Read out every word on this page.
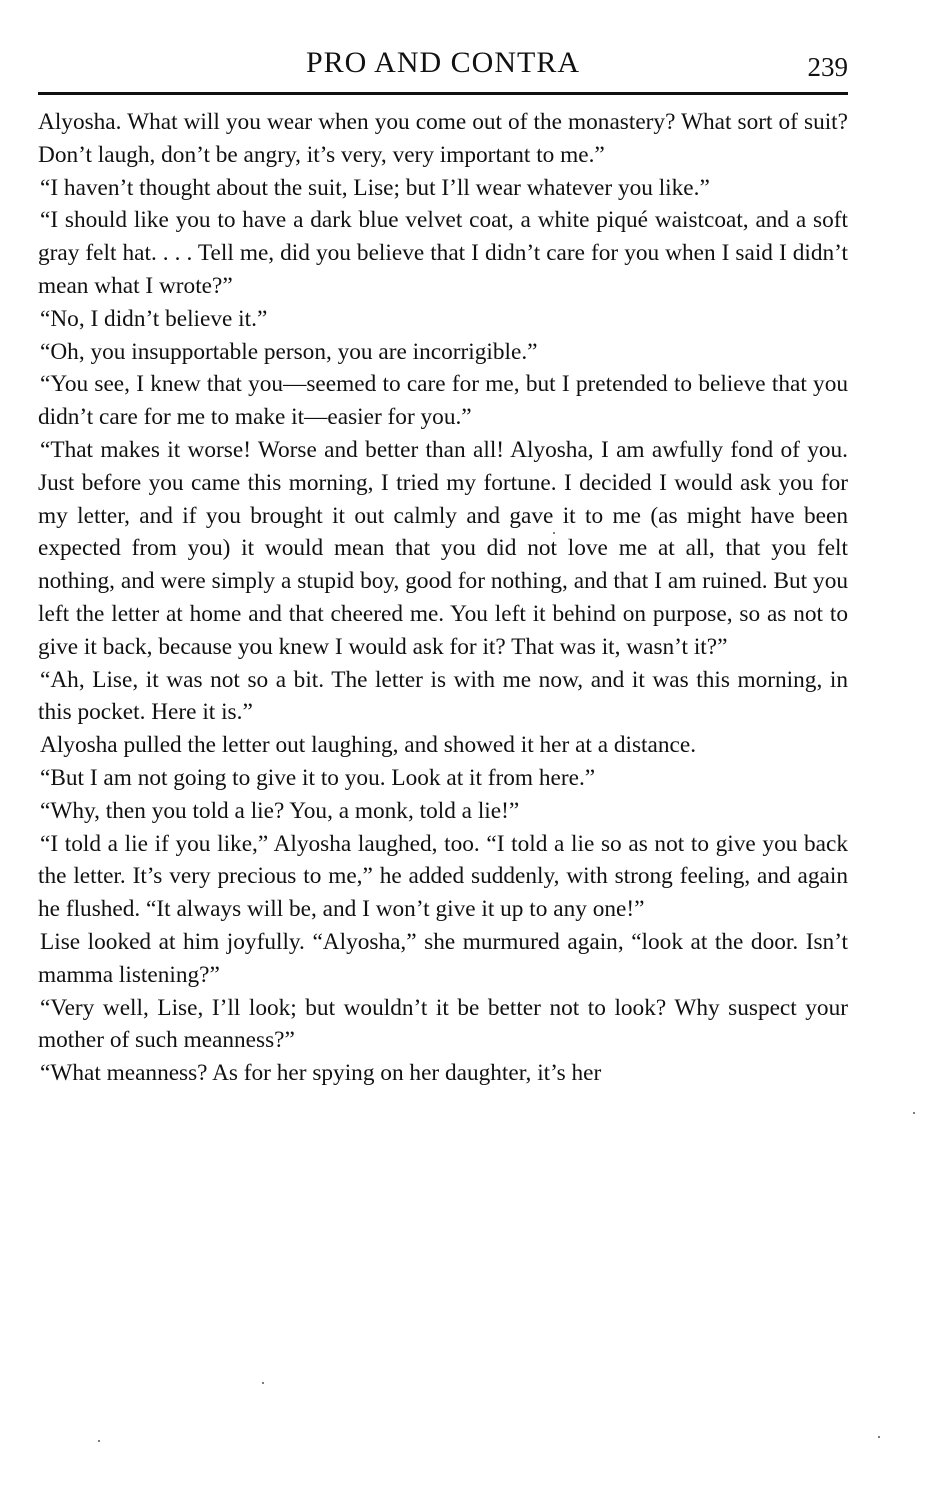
PRO AND CONTRA	239

Alyosha. What will you wear when you come out of the monastery? What sort of suit? Don’t laugh, don’t be angry, it’s very, very important to me.”

“I haven’t thought about the suit, Lise; but I’ll wear whatever you like.”

“I should like you to have a dark blue velvet coat, a white piqué waistcoat, and a soft gray felt hat. . . . Tell me, did you believe that I didn’t care for you when I said I didn’t mean what I wrote?”

“No, I didn’t believe it.”

“Oh, you insupportable person, you are incorrigible.”

“You see, I knew that you—seemed to care for me, but I pretended to believe that you didn’t care for me to make it—easier for you.”

“That makes it worse! Worse and better than all! Alyosha, I am awfully fond of you. Just before you came this morning, I tried my fortune. I decided I would ask you for my letter, and if you brought it out calmly and gave it to me (as might have been expected from you) it would mean that you did not love me at all, that you felt nothing, and were simply a stupid boy, good for nothing, and that I am ruined. But you left the letter at home and that cheered me. You left it behind on purpose, so as not to give it back, because you knew I would ask for it? That was it, wasn’t it?”

“Ah, Lise, it was not so a bit. The letter is with me now, and it was this morning, in this pocket. Here it is.”

Alyosha pulled the letter out laughing, and showed it her at a distance.

“But I am not going to give it to you. Look at it from here.”

“Why, then you told a lie? You, a monk, told a lie!”

“I told a lie if you like,” Alyosha laughed, too. “I told a lie so as not to give you back the letter. It’s very precious to me,” he added suddenly, with strong feeling, and again he flushed. “It always will be, and I won’t give it up to any one!”

Lise looked at him joyfully. “Alyosha,” she murmured again, “look at the door. Isn’t mamma listening?”

“Very well, Lise, I’ll look; but wouldn’t it be better not to look? Why suspect your mother of such meanness?”

“What meanness? As for her spying on her daughter, it’s her
